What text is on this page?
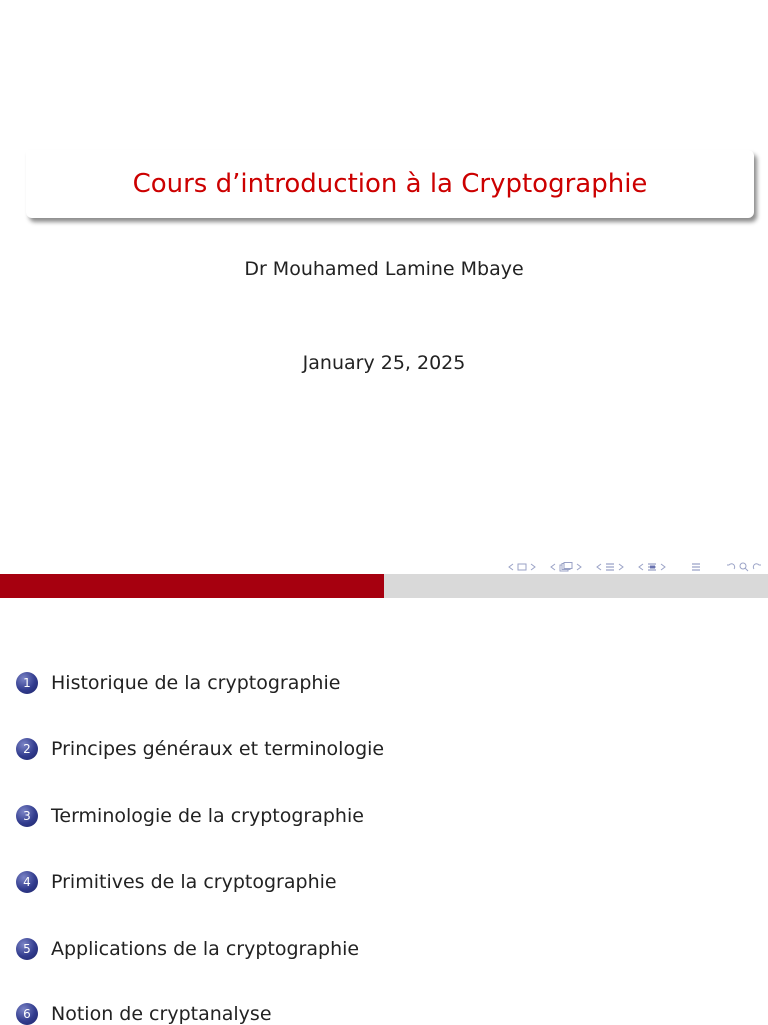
Cours d’introduction à la Cryptographie
Dr Mouhamed Lamine Mbaye
January 25, 2025
1	Historique de la cryptographie
2	Principes généraux et terminologie
3	Terminologie de la cryptographie
4	Primitives de la cryptographie
5	Applications de la cryptographie
6	Notion de cryptanalyse
